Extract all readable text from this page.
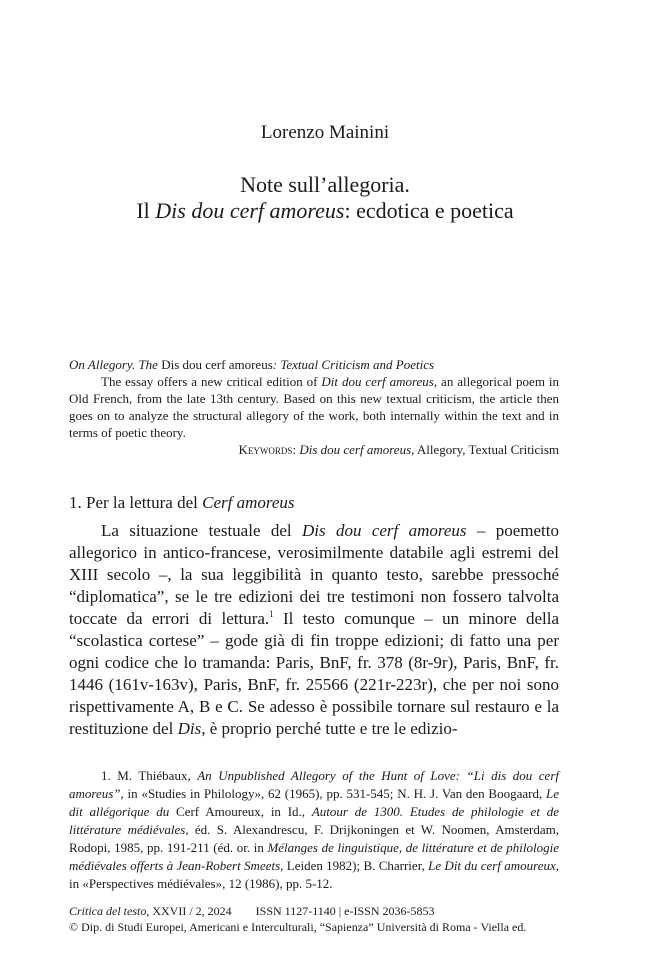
Lorenzo Mainini
Note sull’allegoria.
Il Dis dou cerf amoreus: ecdotica e poetica

On Allegory. The Dis dou cerf amoreus: Textual Criticism and Poetics

The essay offers a new critical edition of Dit dou cerf amoreus, an allegorical poem in Old French, from the late 13th century. Based on this new textual criticism, the article then goes on to analyze the structural allegory of the work, both internally within the text and in terms of poetic theory.

Keywords: Dis dou cerf amoreus, Allegory, Textual Criticism

1. Per la lettura del Cerf amoreus

La situazione testuale del Dis dou cerf amoreus – poemetto allegorico in antico-francese, verosimilmente databile agli estremi del XIII secolo –, la sua leggibilità in quanto testo, sarebbe pressoché “diplomatica”, se le tre edizioni dei tre testimoni non fossero talvolta toccate da errori di lettura.$^1$ Il testo comunque – un minore della “scolastica cortese” – gode già di fin troppe edizioni; di fatto una per ogni codice che lo tramanda: Paris, BnF, fr. 378 (8r-9r), Paris, BnF, fr. 1446 (161v-163v), Paris, BnF, fr. 25566 (221r-223r), che per noi sono rispettivamente A, B e C. Se adesso è possibile tornare sul restauro e la restituzione del Dis, è proprio perché tutte e tre le edizio-

1. M. Thiébaux, An Unpublished Allegory of the Hunt of Love: “Li dis dou cerf amoreus”, in «Studies in Philology», 62 (1965), pp. 531-545; N. H. J. Van den Boogaard, Le dit allégorique du Cerf Amoureux, in Id., Autour de 1300. Etudes de philologie et de littérature médiévales, éd. S. Alexandrescu, F. Drijkoningen et W. Noomen, Amsterdam, Rodopi, 1985, pp. 191-211 (éd. or. in Mélanges de linguistique, de littérature et de philologie médiévales offerts à Jean-Robert Smeets, Leiden 1982); B. Charrier, Le Dit du cerf amoureux, in «Perspectives médiévales», 12 (1986), pp. 5-12.

Critica del testo, XXVII / 2, 2024 ISSN 1127-1140 | e-ISSN 2036-5853
© Dip. di Studi Europei, Americani e Interculturali, “Sapienza” Università di Roma - Viella ed.
